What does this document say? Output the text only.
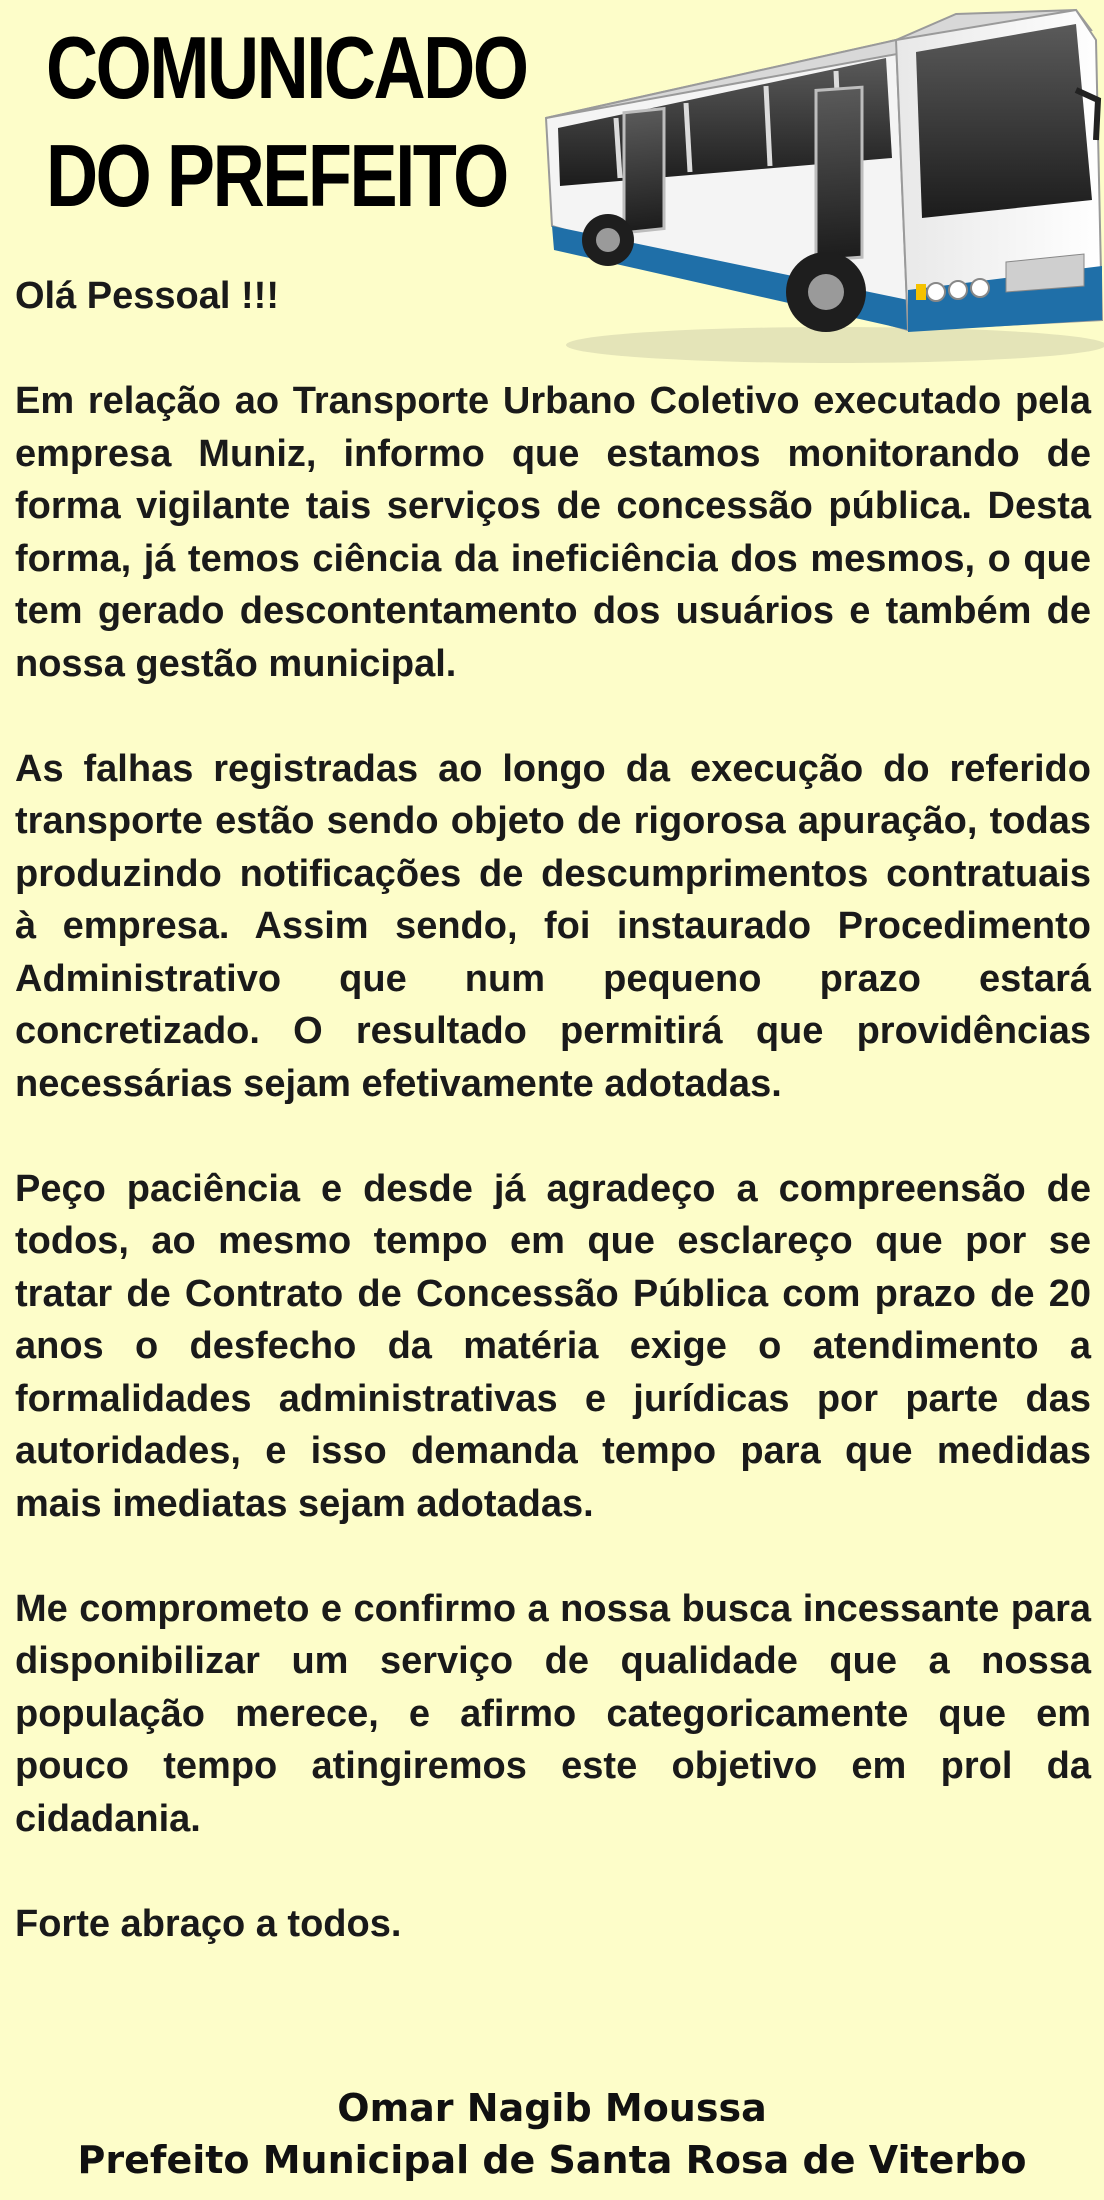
COMUNICADO
DO PREFEITO

Olá Pessoal !!!

Em relação ao Transporte Urbano Coletivo executado pela empresa Muniz, informo que estamos monitorando de forma vigilante tais serviços de concessão pública. Desta forma, já temos ciência da ineficiência dos mesmos, o que tem gerado descontentamento dos usuários e também de nossa gestão municipal.

As falhas registradas ao longo da execução do referido transporte estão sendo objeto de rigorosa apuração, todas produzindo notificações de descumprimentos contratuais à empresa. Assim sendo, foi instaurado Procedimento Administrativo que num pequeno prazo estará concretizado. O resultado permitirá que providências necessárias sejam efetivamente adotadas.

Peço paciência e desde já agradeço a compreensão de todos, ao mesmo tempo em que esclareço que por se tratar de Contrato de Concessão Pública com prazo de 20 anos o desfecho da matéria exige o atendimento a formalidades administrativas e jurídicas por parte das autoridades, e isso demanda tempo para que medidas mais imediatas sejam adotadas.

Me comprometo e confirmo a nossa busca incessante para disponibilizar um serviço de qualidade que a nossa população merece, e afirmo categoricamente que em pouco tempo atingiremos este objetivo em prol da cidadania.

Forte abraço a todos.

Omar Nagib Moussa
Prefeito Municipal de Santa Rosa de Viterbo
